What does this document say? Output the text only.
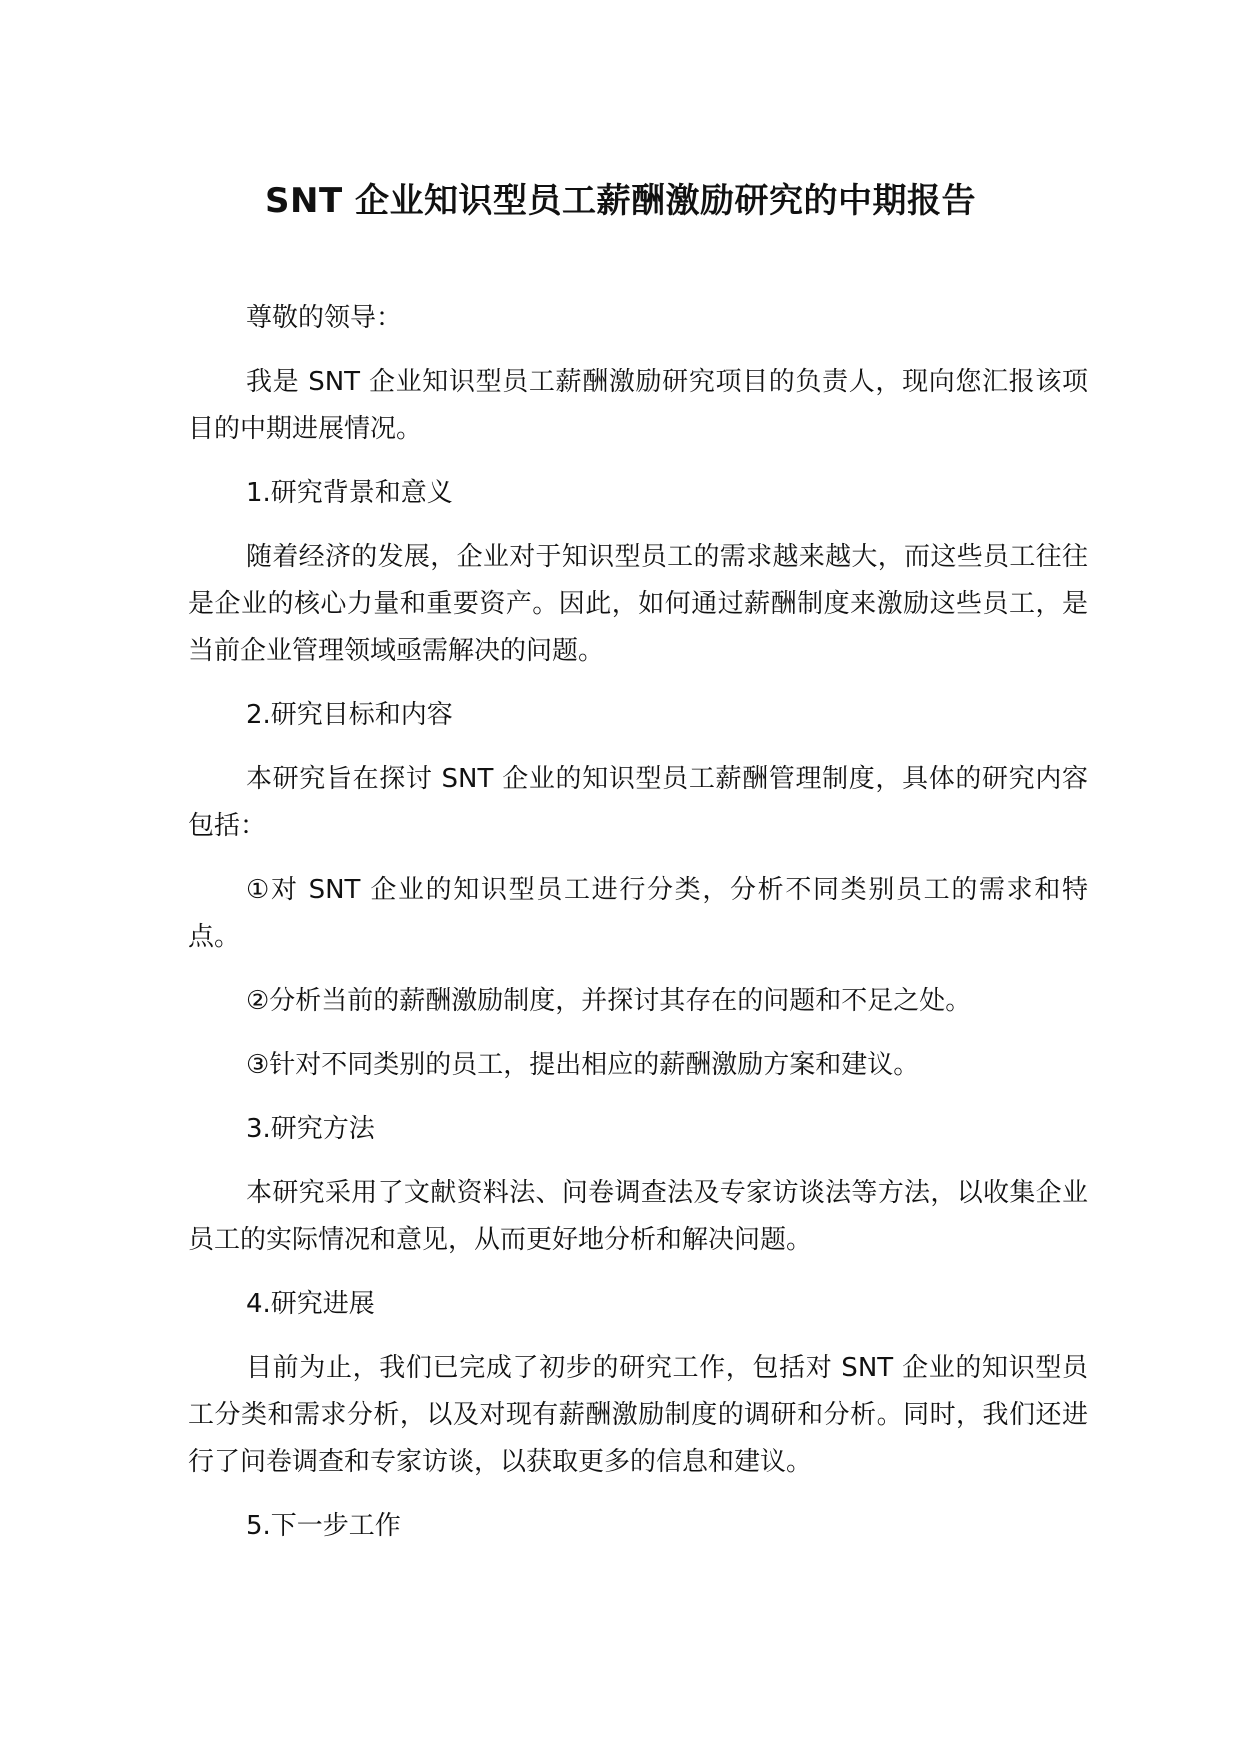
SNT 企业知识型员工薪酬激励研究的中期报告

尊敬的领导：

我是 SNT 企业知识型员工薪酬激励研究项目的负责人，现向您汇报该项目的中期进展情况。

1.研究背景和意义

随着经济的发展，企业对于知识型员工的需求越来越大，而这些员工往往是企业的核心力量和重要资产。因此，如何通过薪酬制度来激励这些员工，是当前企业管理领域亟需解决的问题。

2.研究目标和内容

本研究旨在探讨 SNT 企业的知识型员工薪酬管理制度，具体的研究内容包括：

①对 SNT 企业的知识型员工进行分类，分析不同类别员工的需求和特点。

②分析当前的薪酬激励制度，并探讨其存在的问题和不足之处。

③针对不同类别的员工，提出相应的薪酬激励方案和建议。

3.研究方法

本研究采用了文献资料法、问卷调查法及专家访谈法等方法，以收集企业员工的实际情况和意见，从而更好地分析和解决问题。

4.研究进展

目前为止，我们已完成了初步的研究工作，包括对 SNT 企业的知识型员工分类和需求分析，以及对现有薪酬激励制度的调研和分析。同时，我们还进行了问卷调查和专家访谈，以获取更多的信息和建议。

5.下一步工作
